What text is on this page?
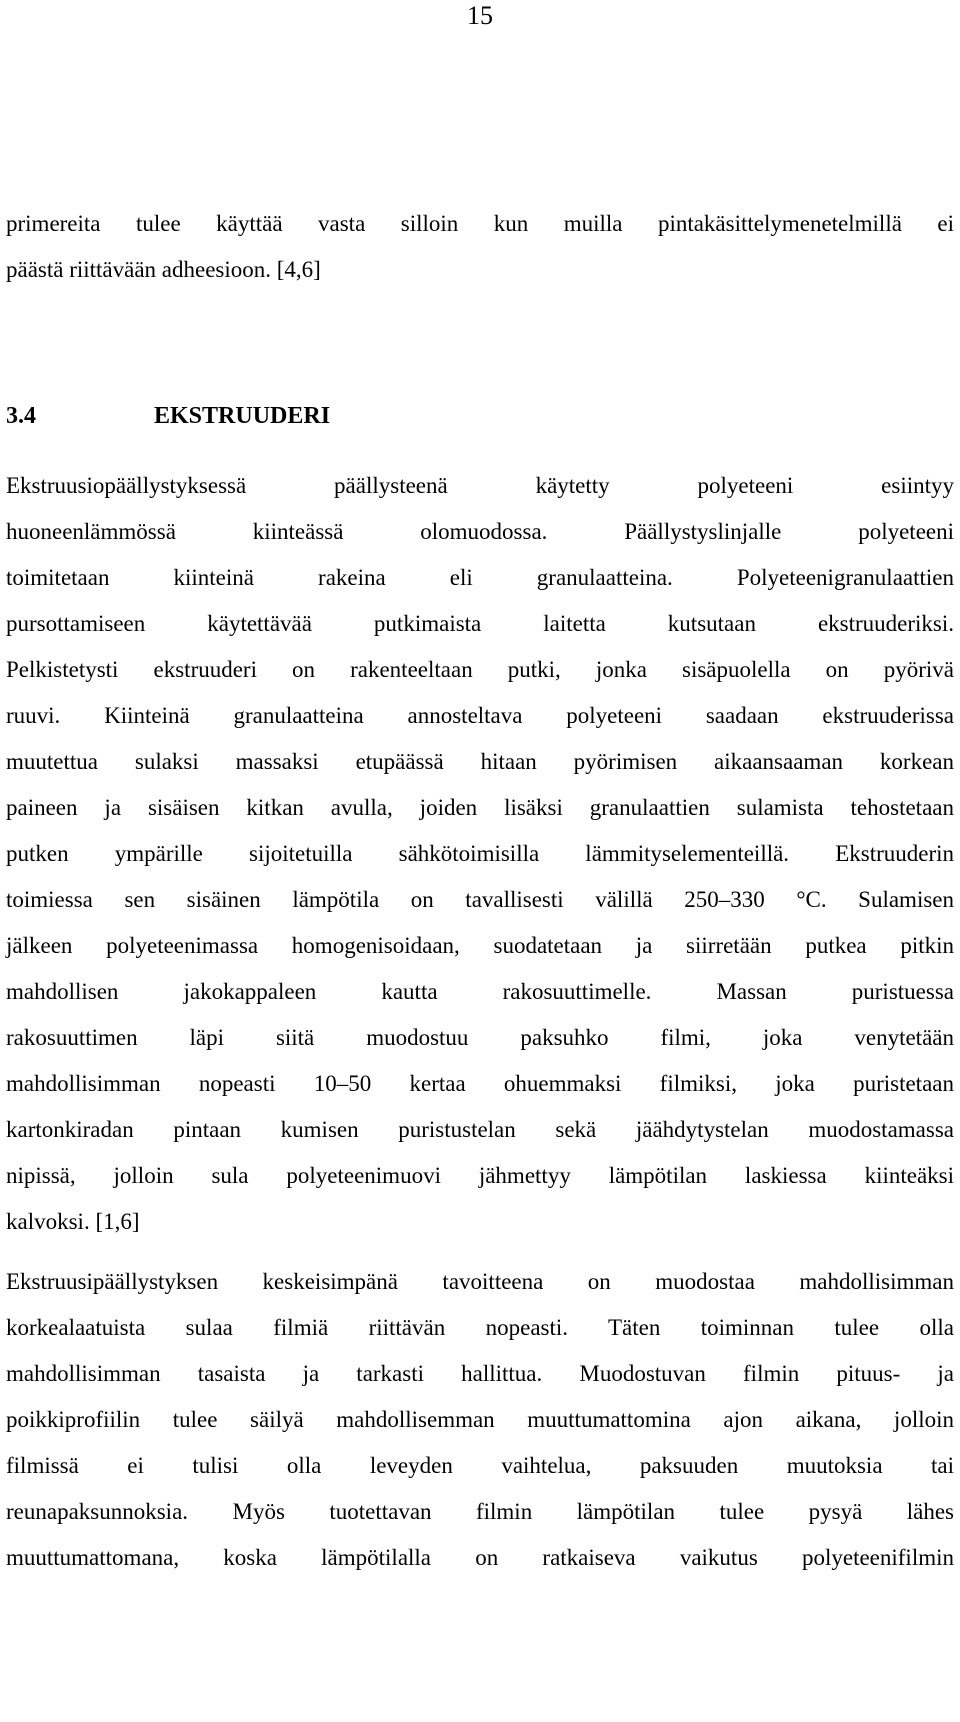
15
primereita tulee käyttää vasta silloin kun muilla pintakäsittelymenetelmillä ei
päästä riittävään adheesioon. [4,6]
3.4	EKSTRUUDERI
Ekstruusiopäällystyksessä päällysteenä käytetty polyeteeni esiintyy
huoneenlämmössä kiinteässä olomuodossa. Päällystyslinjalle polyeteeni
toimitetaan kiinteinä rakeina eli granulaatteina. Polyeteenigranulaattien
pursottamiseen käytettävää putkimaista laitetta kutsutaan ekstruuderiksi.
Pelkistetysti ekstruuderi on rakenteeltaan putki, jonka sisäpuolella on pyörivä
ruuvi. Kiinteinä granulaatteina annosteltava polyeteeni saadaan ekstruuderissa
muutettua sulaksi massaksi etupäässä hitaan pyörimisen aikaansaaman korkean
paineen ja sisäisen kitkan avulla, joiden lisäksi granulaattien sulamista tehostetaan
putken ympärille sijoitetuilla sähkötoimisilla lämmityselementeillä. Ekstruuderin
toimiessa sen sisäinen lämpötila on tavallisesti välillä 250–330 °C. Sulamisen
jälkeen polyeteenimassa homogenisoidaan, suodatetaan ja siirretään putkea pitkin
mahdollisen jakokappaleen kautta rakosuuttimelle. Massan puristuessa
rakosuuttimen läpi siitä muodostuu paksuhko filmi, joka venytetään
mahdollisimman nopeasti 10–50 kertaa ohuemmaksi filmiksi, joka puristetaan
kartonkiradan pintaan kumisen puristustelan sekä jäähdytystelan muodostamassa
nipissä, jolloin sula polyeteenimuovi jähmettyy lämpötilan laskiessa kiinteäksi
kalvoksi. [1,6]
Ekstruusipäällystyksen keskeisimpänä tavoitteena on muodostaa mahdollisimman
korkealaatuista sulaa filmiä riittävän nopeasti. Täten toiminnan tulee olla
mahdollisimman tasaista ja tarkasti hallittua. Muodostuvan filmin pituus- ja
poikkiprofiilin tulee säilyä mahdollisemman muuttumattomina ajon aikana, jolloin
filmissä ei tulisi olla leveyden vaihtelua, paksuuden muutoksia tai
reunapaksunnoksia. Myös tuotettavan filmin lämpötilan tulee pysyä lähes
muuttumattomana, koska lämpötilalla on ratkaiseva vaikutus polyeteenifilmin
